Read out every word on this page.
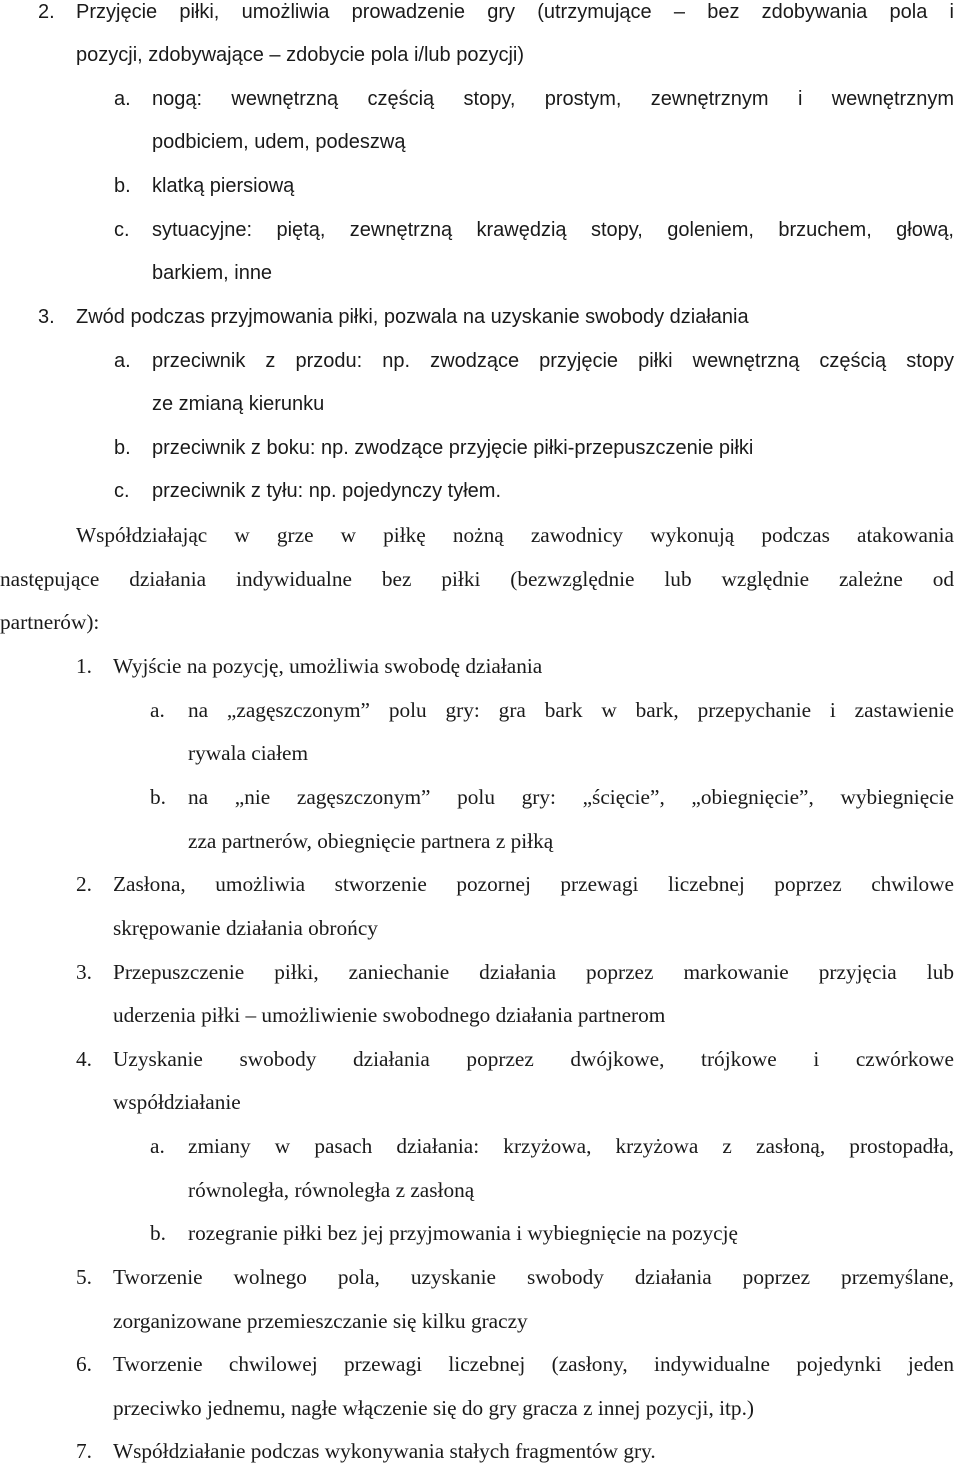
2. Przyjęcie piłki, umożliwia prowadzenie gry (utrzymujące – bez zdobywania pola i
pozycji, zdobywające – zdobycie pola i/lub pozycji)
a. nogą: wewnętrzną częścią stopy, prostym, zewnętrznym i wewnętrznym
podbiciem, udem, podeszwą
b. klatką piersiową
c. sytuacyjne: piętą, zewnętrzną krawędzią stopy, goleniem, brzuchem, głową,
barkiem, inne
3. Zwód podczas przyjmowania piłki, pozwala na uzyskanie swobody działania
a. przeciwnik z przodu: np. zwodzące przyjęcie piłki wewnętrzną częścią stopy
ze zmianą kierunku
b. przeciwnik z boku: np. zwodzące przyjęcie piłki-przepuszczenie piłki
c. przeciwnik z tyłu: np. pojedynczy tyłem.
Współdziałając w grze w piłkę nożną zawodnicy wykonują podczas atakowania
następujące działania indywidualne bez piłki (bezwzględnie lub względnie zależne od
partnerów):
1. Wyjście na pozycję, umożliwia swobodę działania
a. na „zagęszczonym” polu gry: gra bark w bark, przepychanie i zastawienie
rywala ciałem
b. na „nie zagęszczonym” polu gry: „ścięcie”, „obiegnięcie”, wybiegnięcie
zza partnerów, obiegnięcie partnera z piłką
2. Zasłona, umożliwia stworzenie pozornej przewagi liczebnej poprzez chwilowe
skrępowanie działania obrońcy
3. Przepuszczenie piłki, zaniechanie działania poprzez markowanie przyjęcia lub
uderzenia piłki – umożliwienie swobodnego działania partnerom
4. Uzyskanie swobody działania poprzez dwójkowe, trójkowe i czwórkowe
współdziałanie
a. zmiany w pasach działania: krzyżowa, krzyżowa z zasłoną, prostopadła,
równoległa, równoległa z zasłoną
b. rozegranie piłki bez jej przyjmowania i wybiegnięcie na pozycję
5. Tworzenie wolnego pola, uzyskanie swobody działania poprzez przemyślane,
zorganizowane przemieszczanie się kilku graczy
6. Tworzenie chwilowej przewagi liczebnej (zasłony, indywidualne pojedynki jeden
przeciwko jednemu, nagłe włączenie się do gry gracza z innej pozycji, itp.)
7. Współdziałanie podczas wykonywania stałych fragmentów gry.
